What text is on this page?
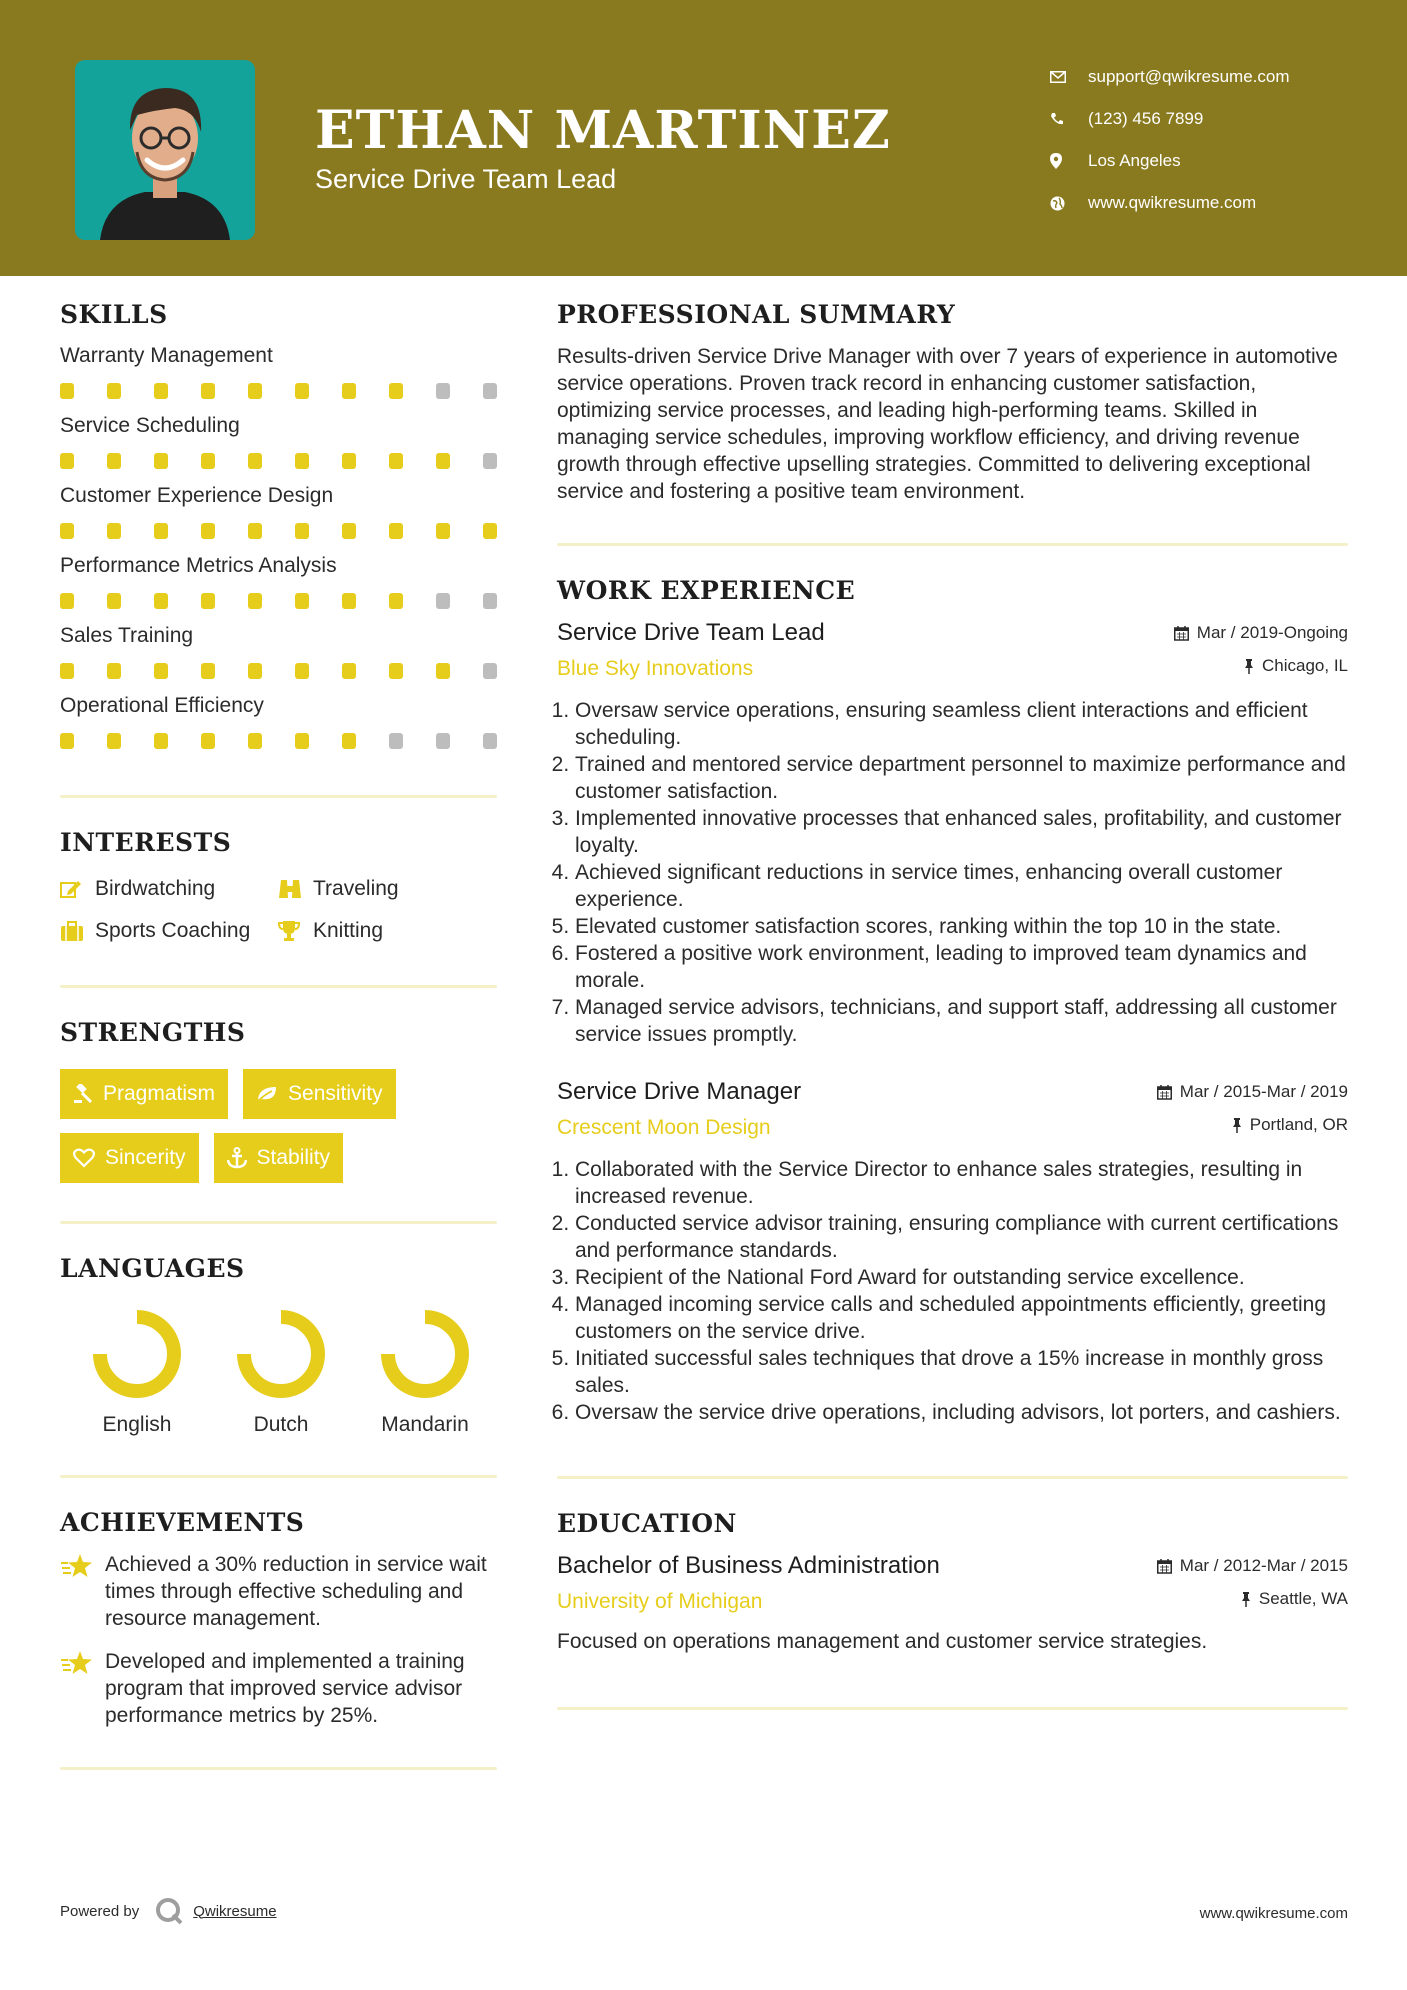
ETHAN MARTINEZ
Service Drive Team Lead
support@qwikresume.com
(123) 456 7899
Los Angeles
www.qwikresume.com
SKILLS
Warranty Management
Service Scheduling
Customer Experience Design
Performance Metrics Analysis
Sales Training
Operational Efficiency
INTERESTS
Birdwatching	Traveling
Sports Coaching	Knitting
STRENGTHS
Pragmatism	Sensitivity
Sincerity	Stability
LANGUAGES
English	Dutch	Mandarin
ACHIEVEMENTS
Achieved a 30% reduction in service wait times through effective scheduling and resource management.
Developed and implemented a training program that improved service advisor performance metrics by 25%.
PROFESSIONAL SUMMARY

Results-driven Service Drive Manager with over 7 years of experience in automotive service operations. Proven track record in enhancing customer satisfaction, optimizing service processes, and leading high-performing teams. Skilled in managing service schedules, improving workflow efficiency, and driving revenue growth through effective upselling strategies. Committed to delivering exceptional service and fostering a positive team environment.

WORK EXPERIENCE
Service Drive Team Lead	Mar / 2019-Ongoing
Blue Sky Innovations	Chicago, IL
1. Oversaw service operations, ensuring seamless client interactions and efficient scheduling.
2. Trained and mentored service department personnel to maximize performance and customer satisfaction.
3. Implemented innovative processes that enhanced sales, profitability, and customer loyalty.
4. Achieved significant reductions in service times, enhancing overall customer experience.
5. Elevated customer satisfaction scores, ranking within the top 10 in the state.
6. Fostered a positive work environment, leading to improved team dynamics and morale.
7. Managed service advisors, technicians, and support staff, addressing all customer service issues promptly.
Service Drive Manager	Mar / 2015-Mar / 2019
Crescent Moon Design	Portland, OR
1. Collaborated with the Service Director to enhance sales strategies, resulting in increased revenue.
2. Conducted service advisor training, ensuring compliance with current certifications and performance standards.
3. Recipient of the National Ford Award for outstanding service excellence.
4. Managed incoming service calls and scheduled appointments efficiently, greeting customers on the service drive.
5. Initiated successful sales techniques that drove a 15% increase in monthly gross sales.
6. Oversaw the service drive operations, including advisors, lot porters, and cashiers.
EDUCATION
Bachelor of Business Administration	Mar / 2012-Mar / 2015
University of Michigan	Seattle, WA

Focused on operations management and customer service strategies.

Powered by	Qwikresume	www.qwikresume.com
